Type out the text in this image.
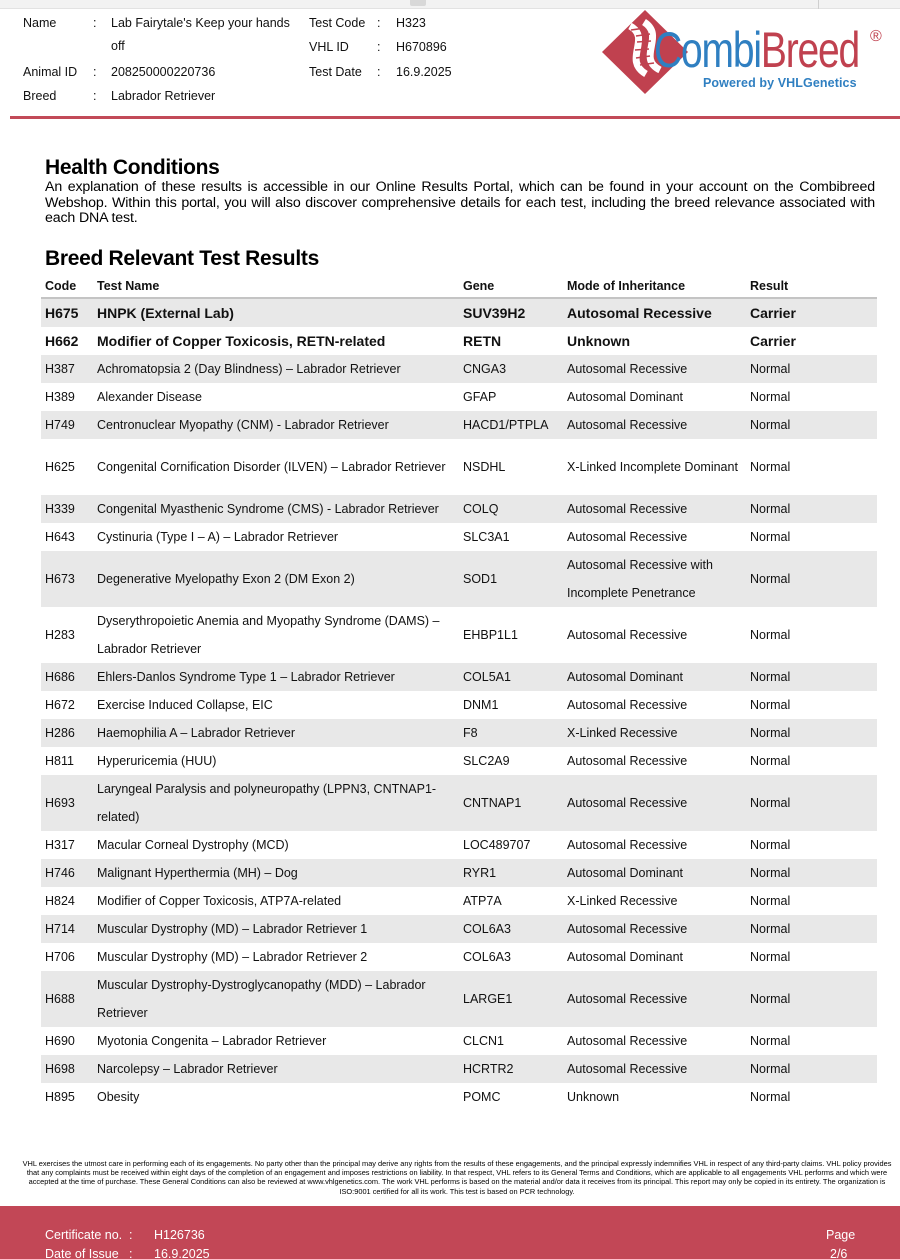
Name	: Lab Fairytale's Keep your hands
off
Animal ID : 208250000220736
Breed	: Labrador Retriever
Test Code : H323
VHL ID : H670896
Test Date : 16.9.2025	CombiBreed ®
Powered by VHLGenetics
Health Conditions

An explanation of these results is accessible in our Online Results Portal, which can be found in your account on the Combibreed Webshop. Within this portal, you will also discover comprehensive details for each test, including the breed relevance associated with each DNA test.

Breed Relevant Test Results
Code	Test Name	Gene	Mode of Inheritance	Result
H675	HNPK (External Lab)	SUV39H2	Autosomal Recessive	Carrier
H662	Modifier of Copper Toxicosis, RETN-related	RETN	Unknown	Carrier
H387	Achromatopsia 2 (Day Blindness) – Labrador Retriever	CNGA3	Autosomal Recessive	Normal
H389	Alexander Disease	GFAP	Autosomal Dominant	Normal
H749	Centronuclear Myopathy (CNM) - Labrador Retriever	HACD1/PTPLA	Autosomal Recessive	Normal
H625	Congenital Cornification Disorder (ILVEN) – Labrador Retriever	NSDHL	X-Linked Incomplete Dominant	Normal
H339	Congenital Myasthenic Syndrome (CMS) - Labrador Retriever	COLQ	Autosomal Recessive	Normal
H643	Cystinuria (Type I – A) – Labrador Retriever	SLC3A1	Autosomal Recessive	Normal
H673	Degenerative Myelopathy Exon 2 (DM Exon 2)	SOD1	Autosomal Recessive with Incomplete Penetrance	Normal
H283	Dyserythropoietic Anemia and Myopathy Syndrome (DAMS) – Labrador Retriever	EHBP1L1	Autosomal Recessive	Normal
H686	Ehlers-Danlos Syndrome Type 1 – Labrador Retriever	COL5A1	Autosomal Dominant	Normal
H672	Exercise Induced Collapse, EIC	DNM1	Autosomal Recessive	Normal
H286	Haemophilia A – Labrador Retriever	F8	X-Linked Recessive	Normal
H811	Hyperuricemia (HUU)	SLC2A9	Autosomal Recessive	Normal
H693	Laryngeal Paralysis and polyneuropathy (LPPN3, CNTNAP1-related)	CNTNAP1	Autosomal Recessive	Normal
H317	Macular Corneal Dystrophy (MCD)	LOC489707	Autosomal Recessive	Normal
H746	Malignant Hyperthermia (MH) – Dog	RYR1	Autosomal Dominant	Normal
H824	Modifier of Copper Toxicosis, ATP7A-related	ATP7A	X-Linked Recessive	Normal
H714	Muscular Dystrophy (MD) – Labrador Retriever 1	COL6A3	Autosomal Recessive	Normal
H706	Muscular Dystrophy (MD) – Labrador Retriever 2	COL6A3	Autosomal Dominant	Normal
H688	Muscular Dystrophy-Dystroglycanopathy (MDD) – Labrador Retriever	LARGE1	Autosomal Recessive	Normal
H690	Myotonia Congenita – Labrador Retriever	CLCN1	Autosomal Recessive	Normal
H698	Narcolepsy – Labrador Retriever	HCRTR2	Autosomal Recessive	Normal
H895	Obesity	POMC	Unknown	Normal

VHL exercises the utmost care in performing each of its engagements. No party other than the principal may derive any rights from the results of these engagements, and the principal expressly indemnifies VHL in respect of any third-party claims. VHL policy provides that any complaints must be received within eight days of the completion of an engagement and imposes restrictions on liability. In that respect, VHL refers to its General Terms and Conditions, which are applicable to all engagements VHL performs and which were accepted at the time of purchase. These General Conditions can also be reviewed at www.vhlgenetics.com. The work VHL performs is based on the material and/or data it receives from its principal. This report may only be copied in its entirety. The organization is ISO:9001 certified for all its work. This test is based on PCR technology.

Certificate no. : H126736
Date of Issue : 16.9.2025
Page
2/6
